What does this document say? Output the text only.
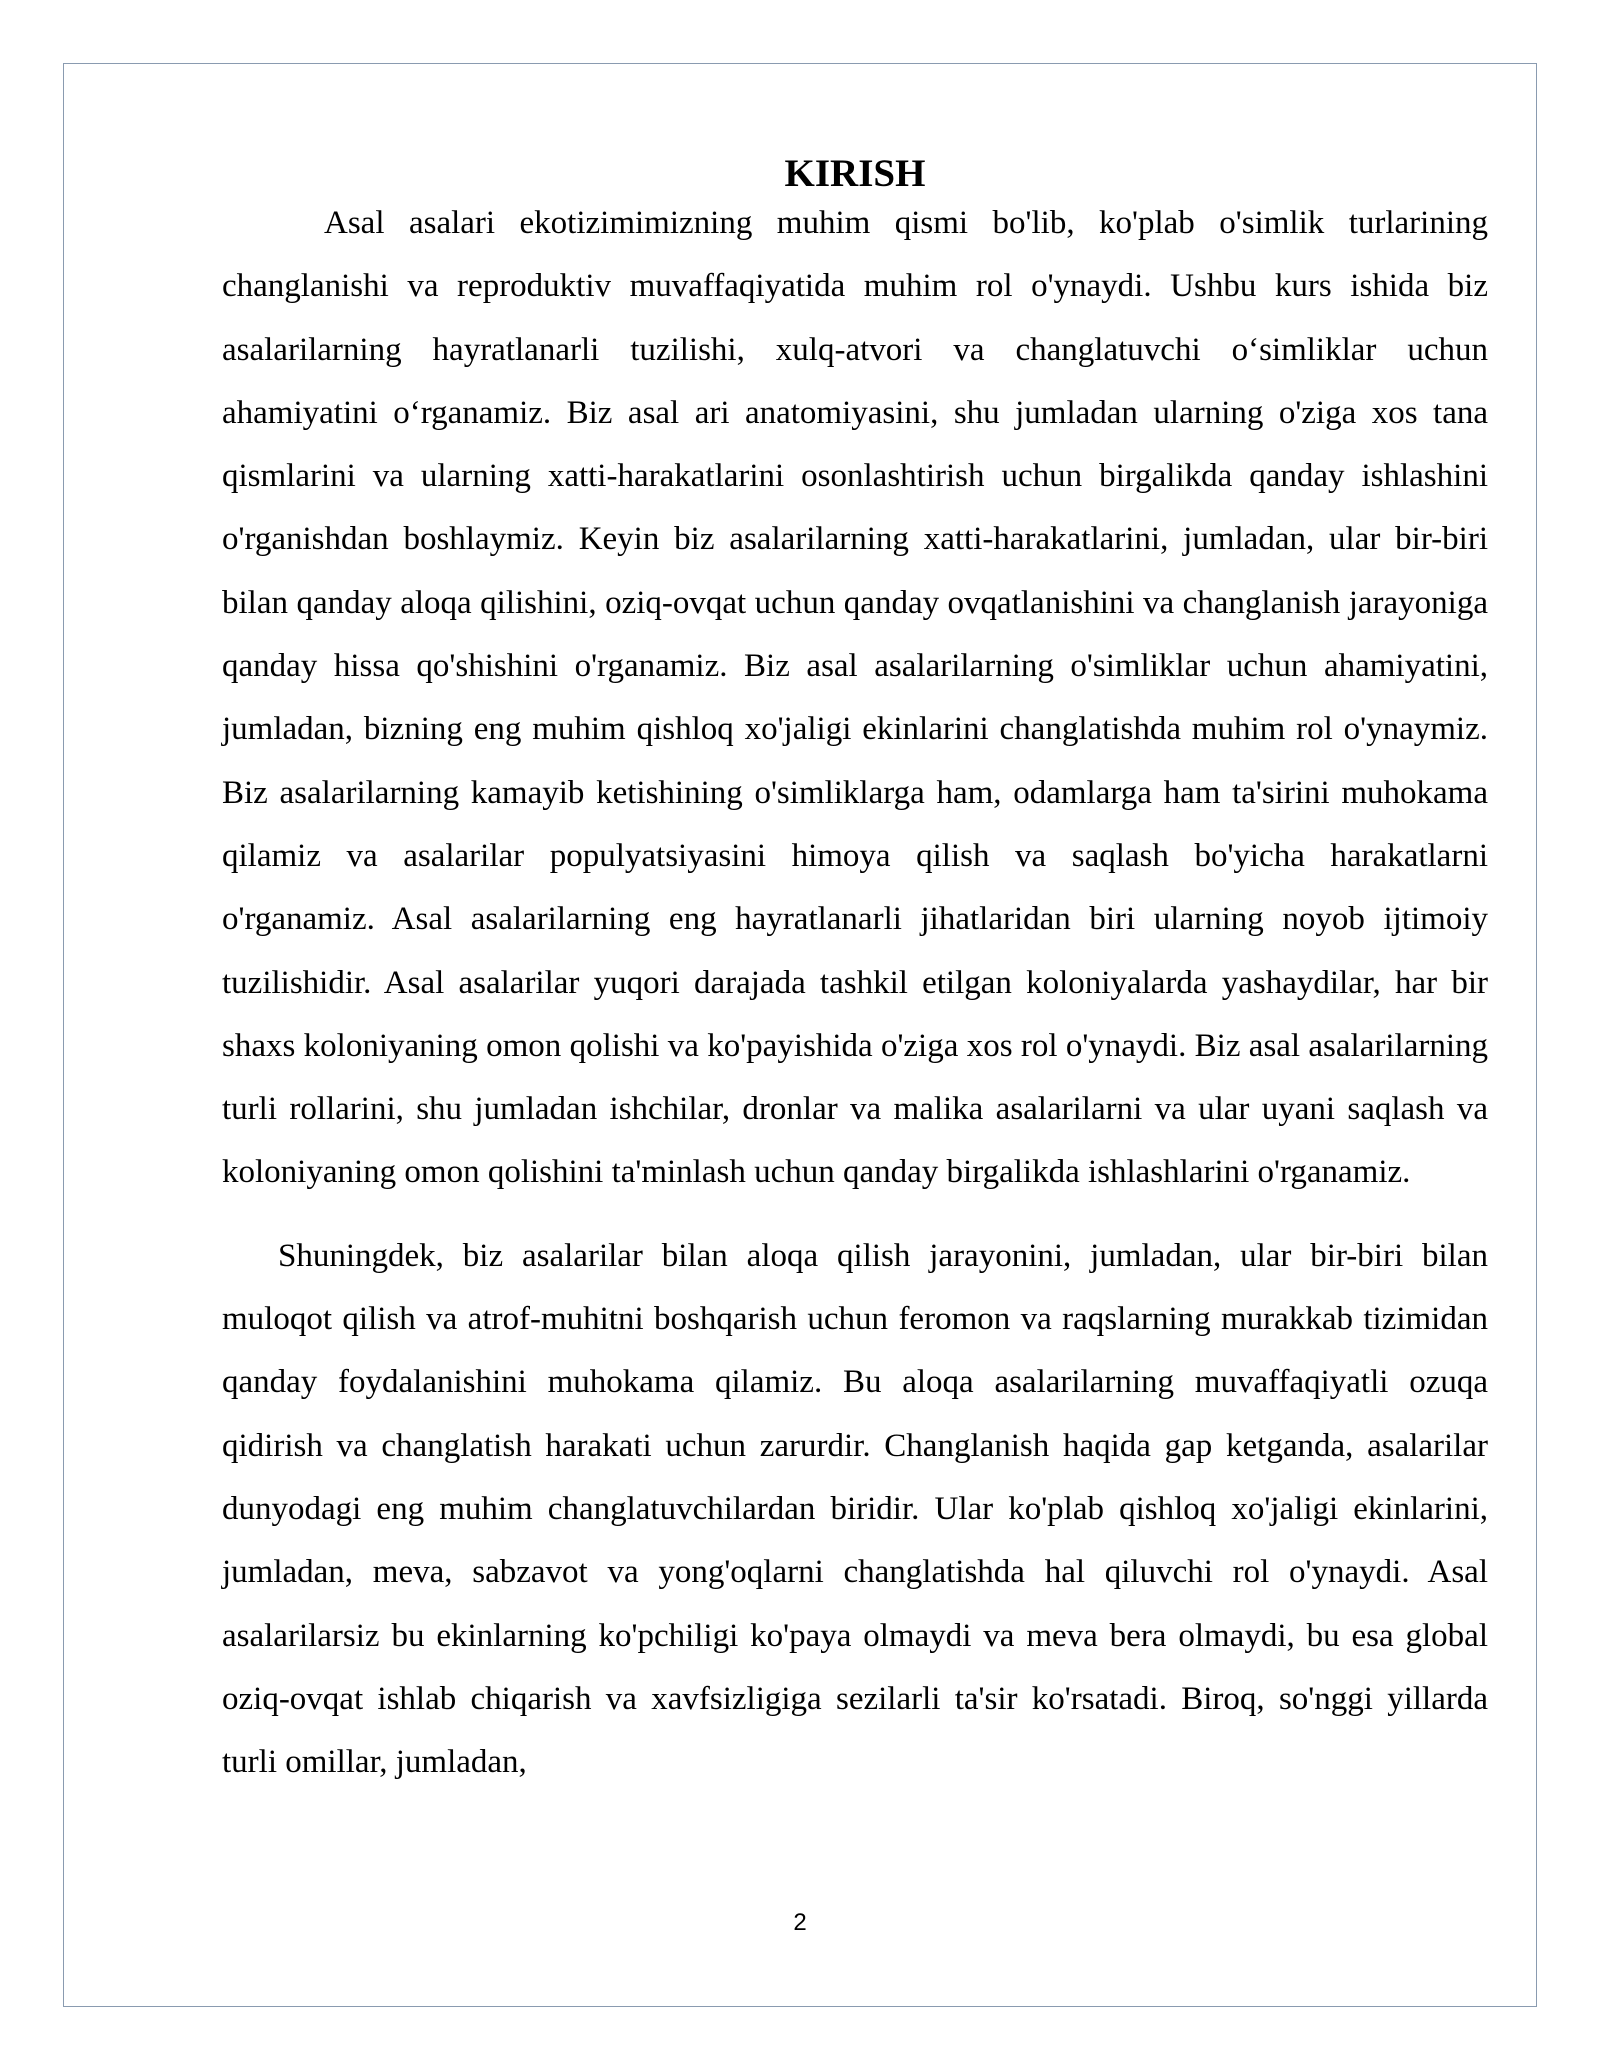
KIRISH

Asal asalari ekotizimimizning muhim qismi bo'lib, ko'plab o'simlik turlarining changlanishi va reproduktiv muvaffaqiyatida muhim rol o'ynaydi. Ushbu kurs ishida biz asalarilarning hayratlanarli tuzilishi, xulq-atvori va changlatuvchi o‘simliklar uchun ahamiyatini o‘rganamiz. Biz asal ari anatomiyasini, shu jumladan ularning o'ziga xos tana qismlarini va ularning xatti-harakatlarini osonlashtirish uchun birgalikda qanday ishlashini o'rganishdan boshlaymiz. Keyin biz asalarilarning xatti-harakatlarini, jumladan, ular bir-biri bilan qanday aloqa qilishini, oziq-ovqat uchun qanday ovqatlanishini va changlanish jarayoniga qanday hissa qo'shishini o'rganamiz. Biz asal asalarilarning o'simliklar uchun ahamiyatini, jumladan, bizning eng muhim qishloq xo'jaligi ekinlarini changlatishda muhim rol o'ynaymiz. Biz asalarilarning kamayib ketishining o'simliklarga ham, odamlarga ham ta'sirini muhokama qilamiz va asalarilar populyatsiyasini himoya qilish va saqlash bo'yicha harakatlarni o'rganamiz. Asal asalarilarning eng hayratlanarli jihatlaridan biri ularning noyob ijtimoiy tuzilishidir. Asal asalarilar yuqori darajada tashkil etilgan koloniyalarda yashaydilar, har bir shaxs koloniyaning omon qolishi va ko'payishida o'ziga xos rol o'ynaydi. Biz asal asalarilarning turli rollarini, shu jumladan ishchilar, dronlar va malika asalarilarni va ular uyani saqlash va koloniyaning omon qolishini ta'minlash uchun qanday birgalikda ishlashlarini o'rganamiz.

Shuningdek, biz asalarilar bilan aloqa qilish jarayonini, jumladan, ular bir-biri bilan muloqot qilish va atrof-muhitni boshqarish uchun feromon va raqslarning murakkab tizimidan qanday foydalanishini muhokama qilamiz. Bu aloqa asalarilarning muvaffaqiyatli ozuqa qidirish va changlatish harakati uchun zarurdir. Changlanish haqida gap ketganda, asalarilar dunyodagi eng muhim changlatuvchilardan biridir. Ular ko'plab qishloq xo'jaligi ekinlarini, jumladan, meva, sabzavot va yong'oqlarni changlatishda hal qiluvchi rol o'ynaydi. Asal asalarilarsiz bu ekinlarning ko'pchiligi ko'paya olmaydi va meva bera olmaydi, bu esa global oziq-ovqat ishlab chiqarish va xavfsizligiga sezilarli ta'sir ko'rsatadi. Biroq, so'nggi yillarda turli omillar, jumladan,

2
